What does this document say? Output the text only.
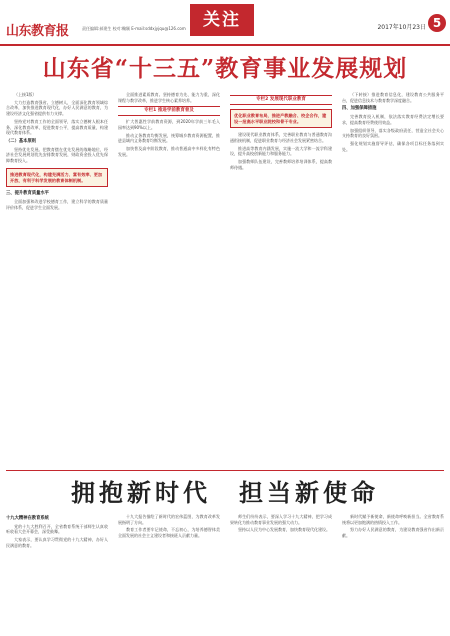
山东教育报	责任编辑:郝建生 校对:鞠颖 E-mail:sddxjyjqu@126.com	关注	2017年10月23日 5
山东省“十三五”教育事业发展规划

（上接1版）

大力打造教育强省。立德树人，全面深化教育领域综合改革，加快推进教育现代化，办好人民满意的教育，为建设经济文化强省提供有力支撑。

坚持党对教育工作的全面领导，落实立德树人根本任务，深化教育改革，促进教育公平，提高教育质量，构建现代教育体系。

（二）基本原则

坚持优先发展。把教育摆在优先发展的战略地位，经济社会发展规划优先安排教育发展，财政资金投入优先保障教育投入。

推进教育现代化，构建充满活力、富有效率、更加开放、有利于科学发展的教育体制机制。
三、提升教育质量水平

全面加强和改进学校德育工作，建立科学的教育质量评价体系，促进学生全面发展。

全面推进素质教育。坚持德育为先、能力为重，深化课程与教学改革，推进学生核心素养培养。

专栏1 推进学前教育普及

扩大普惠性学前教育资源，到2020年学前三年毛入园率达到90%以上。

推动义务教育均衡发展，统筹城乡教育资源配置，推进县域内义务教育均衡发展。

加快普及高中阶段教育，推动普通高中多样化有特色发展。

专栏2 发展现代职业教育
优化职业教育布局，推进产教融合、校企合作，建设一批高水平职业院校和骨干专业。

建设现代职业教育体系，完善职业教育与普通教育沟通衔接机制，促进职业教育与经济社会发展紧密结合。

推进高等教育内涵发展，实施一流大学和一流学科建设，提升高校创新能力和服务能力。

加强教师队伍建设，完善教师培养培训体系，提高教师待遇。

（下转接）推进教育信息化，建设教育公共服务平台，促进信息技术与教育教学深度融合。

四、加强保障措施

完善教育投入机制，依法落实教育经费法定增长要求，提高教育经费使用效益。

加强组织领导，落实各级政府责任，营造全社会关心支持教育的良好氛围。

强化规划实施督导评估，确保各项目标任务落到实处。

拥抱新时代　担当新使命
十九大精神在教育系统

党的十九大胜利召开，全省教育系统干部师生认真收听收看大会开幕会，深受鼓舞。

大家表示，要认真学习贯彻党的十九大精神，办好人民满意的教育。

十九大报告描绘了新时代的宏伟蓝图，为教育改革发展指明了方向。

教育工作者要牢记使命，不忘初心，为培养德智体美全面发展的社会主义建设者和接班人贡献力量。

师生们纷纷表示，要深入学习十九大精神，把学习成果转化为推动教育事业发展的强大动力。

坚持以人民为中心发展教育，加快教育现代化建设。

新时代赋予新使命，新使命呼唤新担当。全省教育系统将以更加饱满的热情投入工作。

努力办好人民满意的教育，为建设教育强省作出新贡献。
